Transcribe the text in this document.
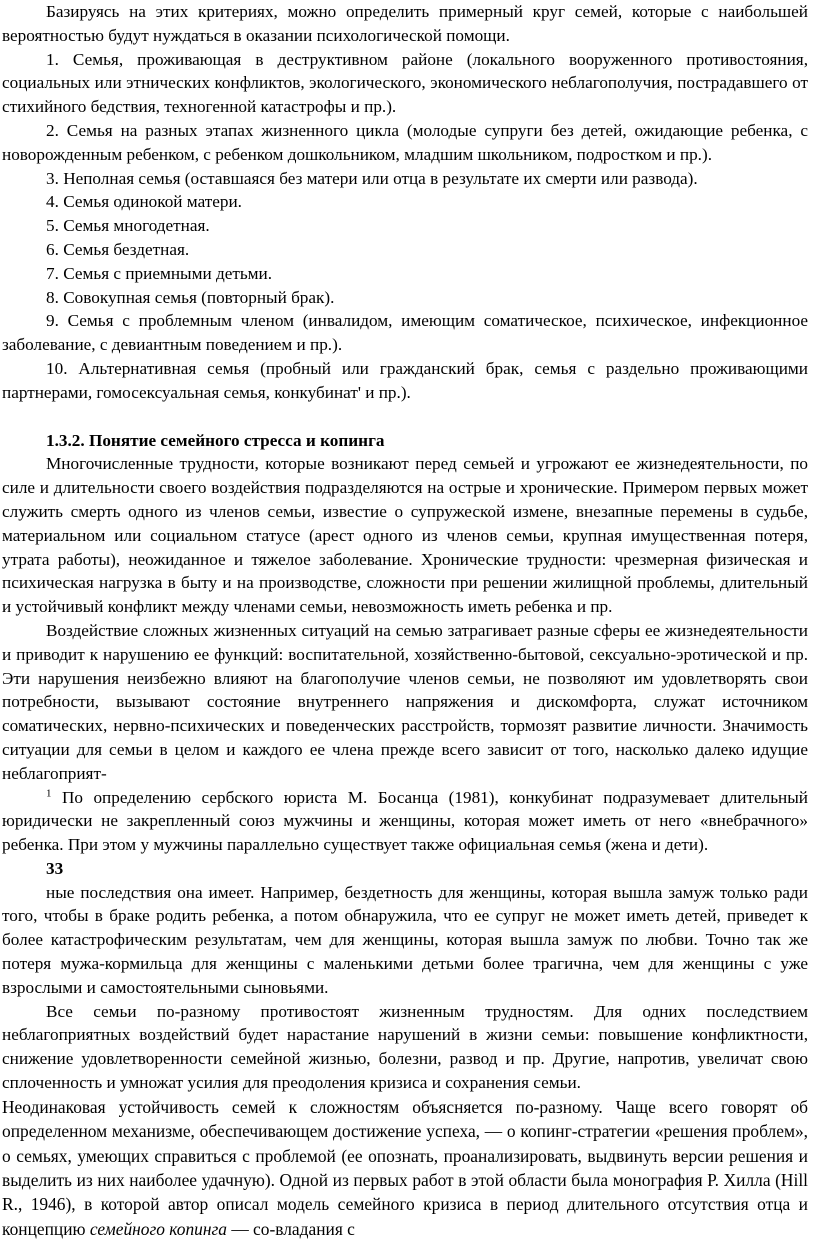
Базируясь на этих критериях, можно определить примерный круг семей, которые с наибольшей вероятностью будут нуждаться в оказании психологической помощи.

1. Семья, проживающая в деструктивном районе (локального вооруженного противостояния, социальных или этнических конфликтов, экологического, экономического неблагополучия, пострадавшего от стихийного бедствия, техногенной катастрофы и пр.).

2. Семья на разных этапах жизненного цикла (молодые супруги без детей, ожидающие ребенка, с новорожденным ребенком, с ребенком дошкольником, младшим школьником, подростком и пр.).

3. Неполная семья (оставшаяся без матери или отца в результате их смерти или развода).

4. Семья одинокой матери.

5. Семья многодетная.

6. Семья бездетная.

7. Семья с приемными детьми.

8. Совокупная семья (повторный брак).

9. Семья с проблемным членом (инвалидом, имеющим соматическое, психическое, инфекционное заболевание, с девиантным поведением и пр.).

10. Альтернативная семья (пробный или гражданский брак, семья с раздельно проживающими партнерами, гомосексуальная семья, конкубинат' и пр.).

1.3.2. Понятие семейного стресса и копинга

Многочисленные трудности, которые возникают перед семьей и угрожают ее жизнедеятельности, по силе и длительности своего воздействия подразделяются на острые и хронические. Примером первых может служить смерть одного из членов семьи, известие о супружеской измене, внезапные перемены в судьбе, материальном или социальном статусе (арест одного из членов семьи, крупная имущественная потеря, утрата работы), неожиданное и тяжелое заболевание. Хронические трудности: чрезмерная физическая и психическая нагрузка в быту и на производстве, сложности при решении жилищной проблемы, длительный и устойчивый конфликт между членами семьи, невозможность иметь ребенка и пр.

Воздействие сложных жизненных ситуаций на семью затрагивает разные сферы ее жизнедеятельности и приводит к нарушению ее функций: воспитательной, хозяйственно-бытовой, сексуально-эротической и пр. Эти нарушения неизбежно влияют на благополучие членов семьи, не позволяют им удовлетворять свои потребности, вызывают состояние внутреннего напряжения и дискомфорта, служат источником соматических, нервно-психических и поведенческих расстройств, тормозят развитие личности. Значимость ситуации для семьи в целом и каждого ее члена прежде всего зависит от того, насколько далеко идущие неблагоприят-

$^1$ По определению сербского юриста М. Босанца (1981), конкубинат подразумевает длительный юридически не закрепленный союз мужчины и женщины, которая может иметь от него «внебрачного» ребенка. При этом у мужчины параллельно существует также официальная семья (жена и дети).

33

ные последствия она имеет. Например, бездетность для женщины, которая вышла замуж только ради того, чтобы в браке родить ребенка, а потом обнаружила, что ее супруг не может иметь детей, приведет к более катастрофическим результатам, чем для женщины, которая вышла замуж по любви. Точно так же потеря мужа-кормильца для женщины с маленькими детьми более трагична, чем для женщины с уже взрослыми и самостоятельными сыновьями.

Все семьи по-разному противостоят жизненным трудностям. Для одних последствием неблагоприятных воздействий будет нарастание нарушений в жизни семьи: повышение конфликтности, снижение удовлетворенности семейной жизнью, болезни, развод и пр. Другие, напротив, увеличат свою сплоченность и умножат усилия для преодоления кризиса и сохранения семьи.

Неодинаковая устойчивость семей к сложностям объясняется по-разному. Чаще всего говорят об определенном механизме, обеспечивающем достижение успеха, — о копинг-стратегии «решения проблем», о семьях, умеющих справиться с проблемой (ее опознать, проанализировать, выдвинуть версии решения и выделить из них наиболее удачную). Одной из первых работ в этой области была монография Р. Хилла (Hill R., 1946), в которой автор описал модель семейного кризиса в период длительного отсутствия отца и концепцию семейного копинга — со-владания с
